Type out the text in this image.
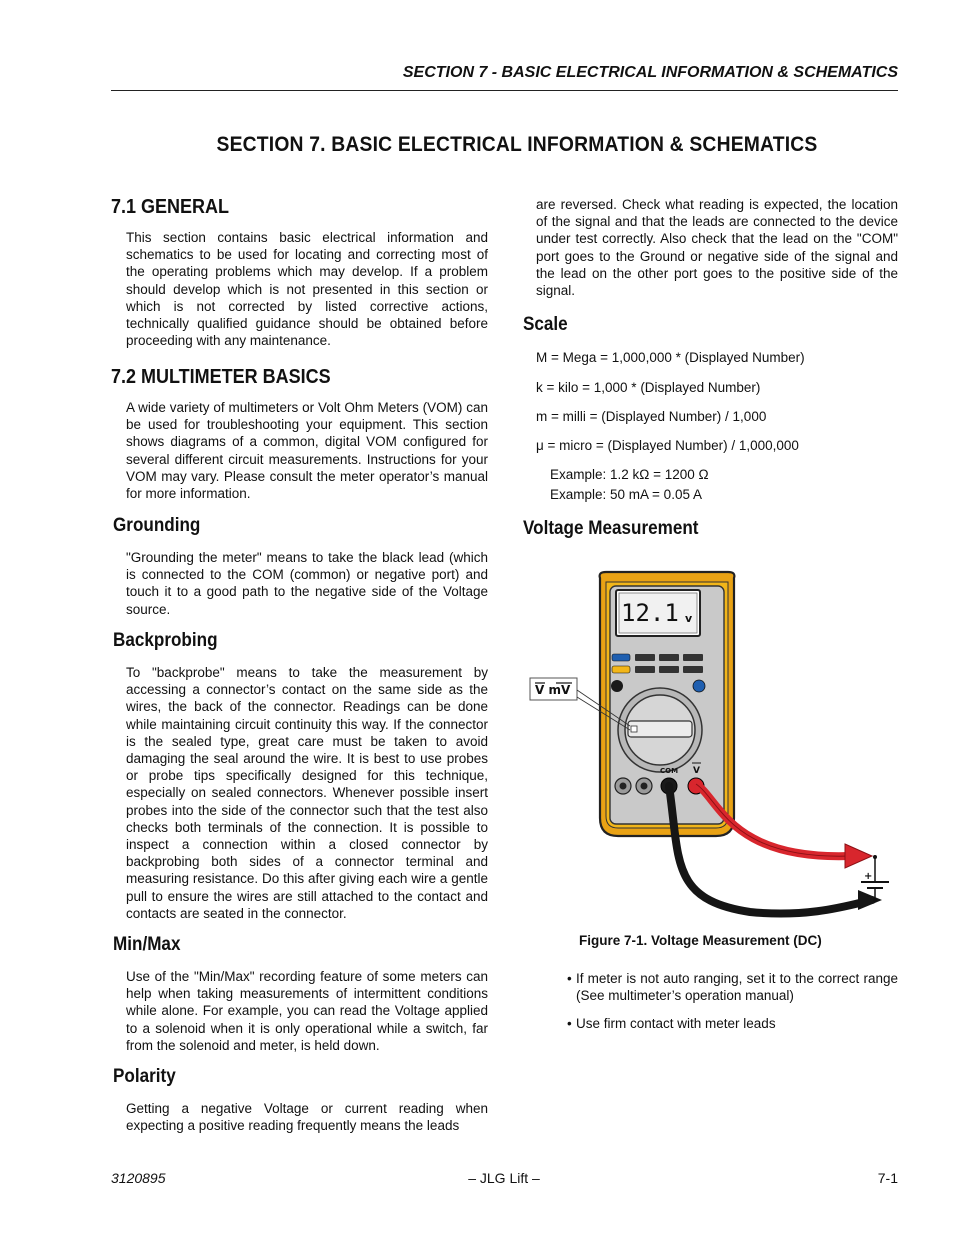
SECTION 7 - BASIC ELECTRICAL INFORMATION & SCHEMATICS
SECTION 7. BASIC ELECTRICAL INFORMATION & SCHEMATICS
7.1 GENERAL

This section contains basic electrical information and schematics to be used for locating and correcting most of the operating problems which may develop. If a problem should develop which is not presented in this section or which is not corrected by listed corrective actions, technically qualified guidance should be obtained before proceeding with any maintenance.

7.2 MULTIMETER BASICS

A wide variety of multimeters or Volt Ohm Meters (VOM) can be used for troubleshooting your equipment. This section shows diagrams of a common, digital VOM configured for several different circuit measurements. Instructions for your VOM may vary. Please consult the meter operator’s manual for more information.

Grounding

"Grounding the meter" means to take the black lead (which is connected to the COM (common) or negative port) and touch it to a good path to the negative side of the Voltage source.

Backprobing

To "backprobe" means to take the measurement by accessing a connector’s contact on the same side as the wires, the back of the connector. Readings can be done while maintaining circuit continuity this way. If the connector is the sealed type, great care must be taken to avoid damaging the seal around the wire. It is best to use probes or probe tips specifically designed for this technique, especially on sealed connectors. Whenever possible insert probes into the side of the connector such that the test also checks both terminals of the connection. It is possible to inspect a connection within a closed connector by backprobing both sides of a connector terminal and measuring resistance. Do this after giving each wire a gentle pull to ensure the wires are still attached to the contact and contacts are seated in the connector.

Min/Max

Use of the "Min/Max" recording feature of some meters can help when taking measurements of intermittent conditions while alone. For example, you can read the Voltage applied to a solenoid when it is only operational while a switch, far from the solenoid and meter, is held down.

Polarity

Getting a negative Voltage or current reading when expecting a positive reading frequently means the leads

are reversed. Check what reading is expected, the location of the signal and that the leads are connected to the device under test correctly. Also check that the lead on the "COM" port goes to the Ground or negative side of the signal and the lead on the other port goes to the positive side of the signal.

Scale
M = Mega = 1,000,000 * (Displayed Number)
k = kilo = 1,000 * (Displayed Number)
m = milli = (Displayed Number) / 1,000
μ = micro = (Displayed Number) / 1,000,000
Example: 1.2 kΩ = 1200 Ω
Example: 50 mA = 0.05 A
Voltage Measurement
12.1 v
V mV
COM V
+
-
Figure 7-1. Voltage Measurement (DC)
• If meter is not auto ranging, set it to the correct range (See multimeter’s operation manual)

• Use firm contact with meter leads

3120895	– JLG Lift –	7-1
